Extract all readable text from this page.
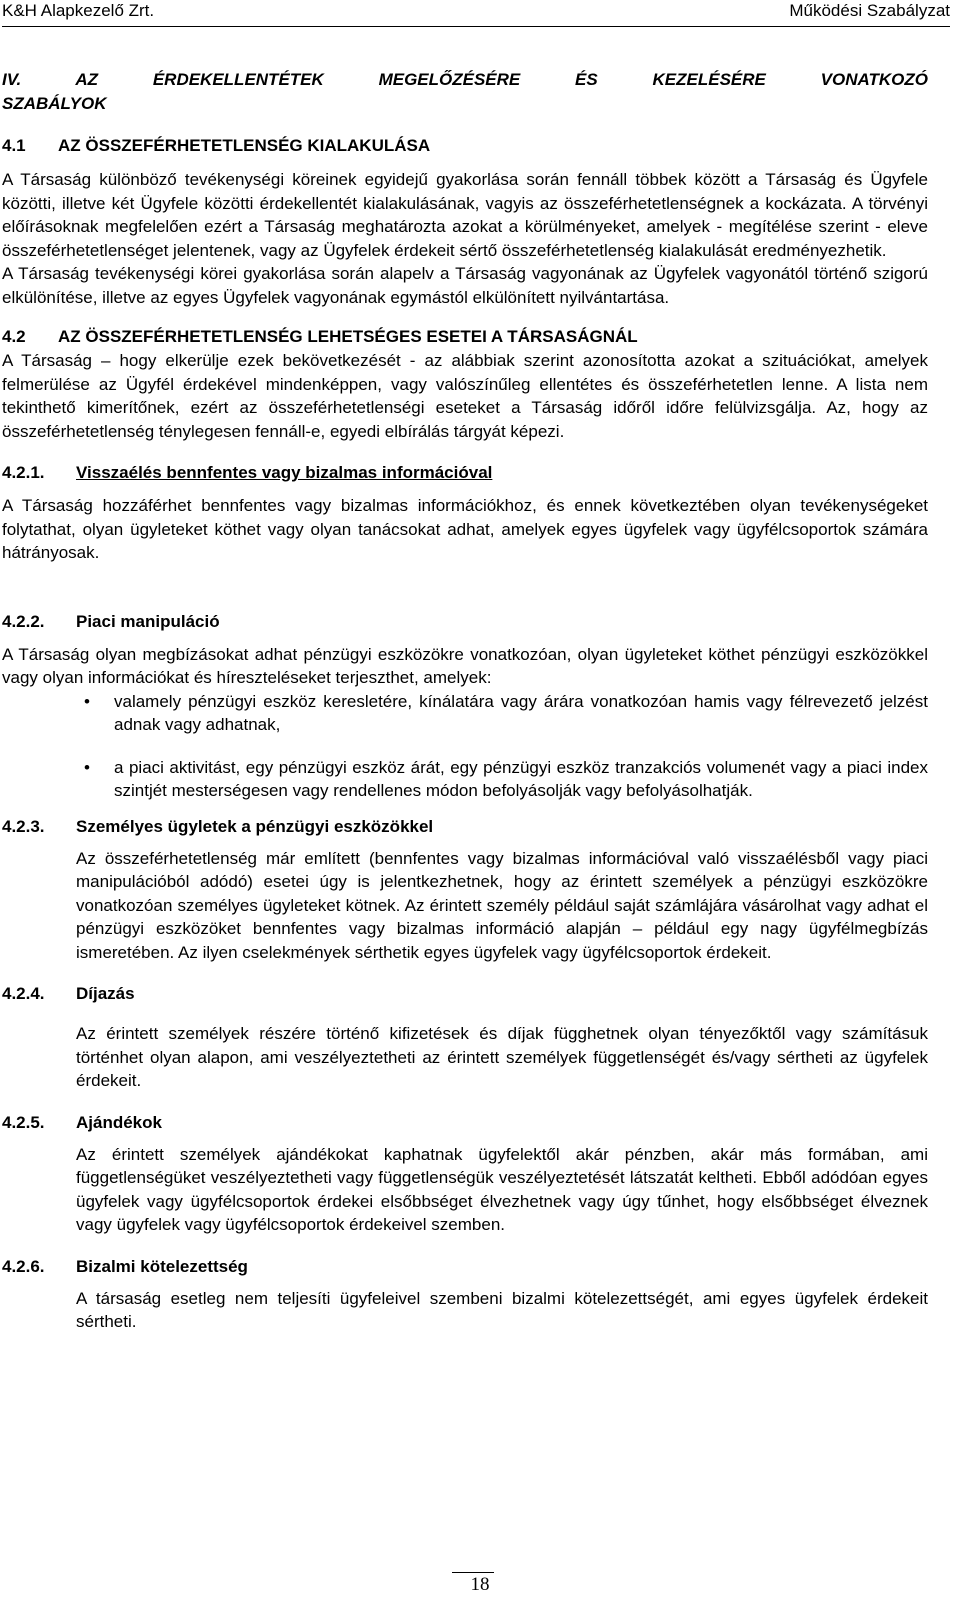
K&H Alapkezelő Zrt.	Működési Szabályzat
IV. AZ ÉRDEKELLENTÉTEK MEGELŐZÉSÉRE ÉS KEZELÉSÉRE VONATKOZÓ
SZABÁLYOK
4.1	AZ ÖSSZEFÉRHETETLENSÉG KIALAKULÁSA

A Társaság különböző tevékenységi köreinek egyidejű gyakorlása során fennáll többek között a Társaság és Ügyfele közötti, illetve két Ügyfele közötti érdekellentét kialakulásának, vagyis az összeférhetetlenségnek a kockázata. A törvényi előírásoknak megfelelően ezért a Társaság meghatározta azokat a körülményeket, amelyek - megítélése szerint - eleve összeférhetetlenséget jelentenek, vagy az Ügyfelek érdekeit sértő összeférhetetlenség kialakulását eredményezhetik.

A Társaság tevékenységi körei gyakorlása során alapelv a Társaság vagyonának az Ügyfelek vagyonától történő szigorú elkülönítése, illetve az egyes Ügyfelek vagyonának egymástól elkülönített nyilvántartása.

4.2	AZ ÖSSZEFÉRHETETLENSÉG LEHETSÉGES ESETEI A TÁRSASÁGNÁL

A Társaság – hogy elkerülje ezek bekövetkezését - az alábbiak szerint azonosította azokat a szituációkat, amelyek felmerülése az Ügyfél érdekével mindenképpen, vagy valószínűleg ellentétes és összeférhetetlen lenne. A lista nem tekinthető kimerítőnek, ezért az összeférhetetlenségi eseteket a Társaság időről időre felülvizsgálja. Az, hogy az összeférhetetlenség ténylegesen fennáll-e, egyedi elbírálás tárgyát képezi.

4.2.1.	Visszaélés bennfentes vagy bizalmas információval

A Társaság hozzáférhet bennfentes vagy bizalmas információkhoz, és ennek következtében olyan tevékenységeket folytathat, olyan ügyleteket köthet vagy olyan tanácsokat adhat, amelyek egyes ügyfelek vagy ügyfélcsoportok számára hátrányosak.

4.2.2.	Piaci manipuláció

A Társaság olyan megbízásokat adhat pénzügyi eszközökre vonatkozóan, olyan ügyleteket köthet pénzügyi eszközökkel vagy olyan információkat és híreszteléseket terjeszthet, amelyek:

• valamely pénzügyi eszköz keresletére, kínálatára vagy árára vonatkozóan hamis vagy félrevezető jelzést adnak vagy adhatnak,
• a piaci aktivitást, egy pénzügyi eszköz árát, egy pénzügyi eszköz tranzakciós volumenét vagy a piaci index szintjét mesterségesen vagy rendellenes módon befolyásolják vagy befolyásolhatják.
4.2.3.	Személyes ügyletek a pénzügyi eszközökkel

Az összeférhetetlenség már említett (bennfentes vagy bizalmas információval való visszaélésből vagy piaci manipulációból adódó) esetei úgy is jelentkezhetnek, hogy az érintett személyek a pénzügyi eszközökre vonatkozóan személyes ügyleteket kötnek. Az érintett személy például saját számlájára vásárolhat vagy adhat el pénzügyi eszközöket bennfentes vagy bizalmas információ alapján – például egy nagy ügyfélmegbízás ismeretében. Az ilyen cselekmények sérthetik egyes ügyfelek vagy ügyfélcsoportok érdekeit.

4.2.4.	Díjazás

Az érintett személyek részére történő kifizetések és díjak függhetnek olyan tényezőktől vagy számításuk történhet olyan alapon, ami veszélyeztetheti az érintett személyek függetlenségét és/vagy sértheti az ügyfelek érdekeit.

4.2.5.	Ajándékok

Az érintett személyek ajándékokat kaphatnak ügyfelektől akár pénzben, akár más formában, ami függetlenségüket veszélyeztetheti vagy függetlenségük veszélyeztetését látszatát keltheti. Ebből adódóan egyes ügyfelek vagy ügyfélcsoportok érdekei elsőbbséget élvezhetnek vagy úgy tűnhet, hogy elsőbbséget élveznek vagy ügyfelek vagy ügyfélcsoportok érdekeivel szemben.

4.2.6.	Bizalmi kötelezettség

A társaság esetleg nem teljesíti ügyfeleivel szembeni bizalmi kötelezettségét, ami egyes ügyfelek érdekeit sértheti.

18
